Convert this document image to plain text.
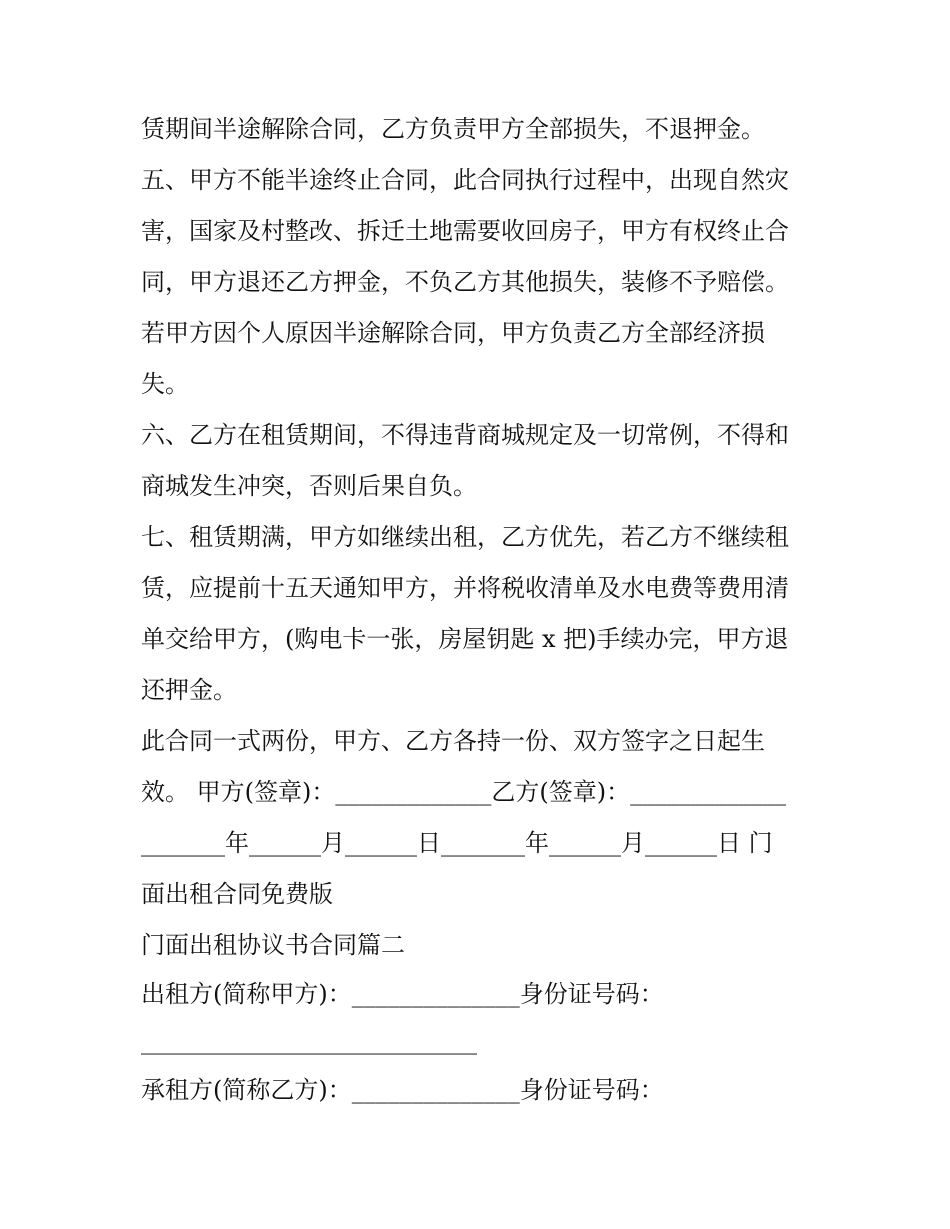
赁期间半途解除合同，乙方负责甲方全部损失，不退押金。
五、甲方不能半途终止合同，此合同执行过程中，出现自然灾
害，国家及村整改、拆迁土地需要收回房子，甲方有权终止合
同，甲方退还乙方押金，不负乙方其他损失，装修不予赔偿。
若甲方因个人原因半途解除合同，甲方负责乙方全部经济损
失。
六、乙方在租赁期间，不得违背商城规定及一切常例，不得和
商城发生冲突，否则后果自负。
七、租赁期满，甲方如继续出租，乙方优先，若乙方不继续租
赁，应提前十五天通知甲方，并将税收清单及水电费等费用清
单交给甲方，(购电卡一张，房屋钥匙 x 把)手续办完，甲方退
还押金。
此合同一式两份，甲方、乙方各持一份、双方签字之日起生
效。 甲方(签章)：_____________乙方(签章)：_____________
_______年______月______日_______年______月______日 门
面出租合同免费版
门面出租协议书合同篇二
出租方(简称甲方)：______________身份证号码：
____________________________
承租方(简称乙方)：______________身份证号码：
